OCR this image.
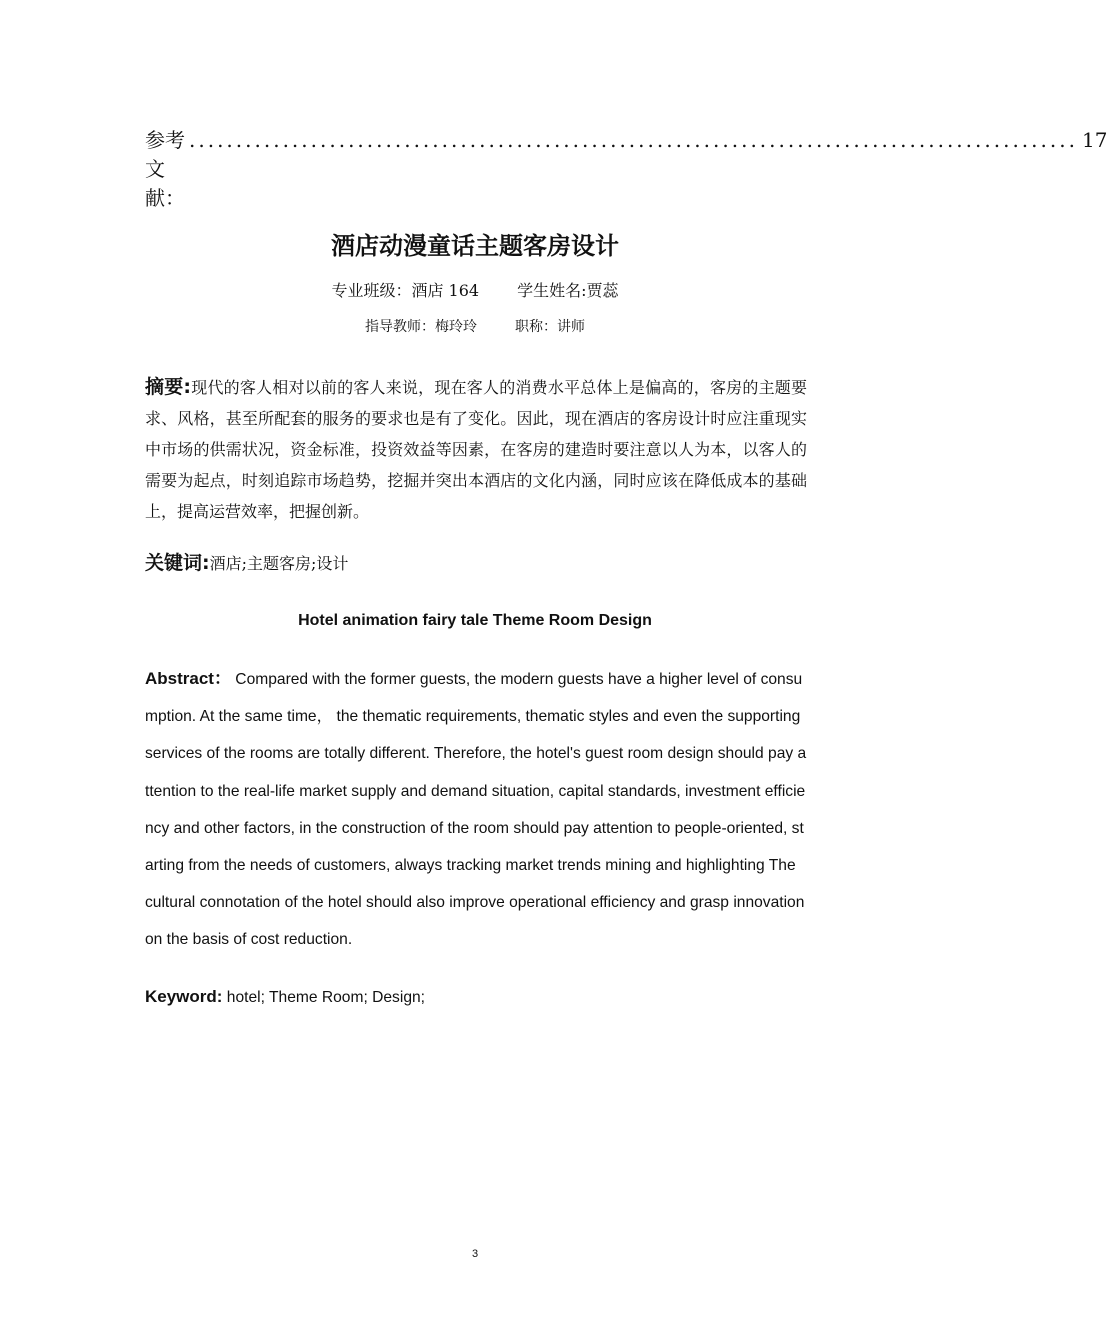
参考文献：
............................................................................................... 17
酒店动漫童话主题客房设计
专业班级：酒店 164 学生姓名:贾蕊
指导教师：梅玲玲	职称：讲师
摘要:现代的客人相对以前的客人来说，现在客人的消费水平总体上是偏高的，客房的主题要求、风格，甚至所配套的服务的要求也是有了变化。因此，现在酒店的客房设计时应注重现实中市场的供需状况，资金标准，投资效益等因素，在客房的建造时要注意以人为本，以客人的需要为起点，时刻追踪市场趋势，挖掘并突出本酒店的文化内涵，同时应该在降低成本的基础上，提高运营效率，把握创新。
关键词:酒店;主题客房;设计
Hotel animation fairy tale Theme Room Design
Abstract： Compared with the former guests, the modern guests have a higher level of consumption. At the same time， the thematic requirements, thematic styles and even the supporting services of the rooms are totally different. Therefore, the hotel's guest room design should pay attention to the real-life market supply and demand situation, capital standards, investment efficiency and other factors, in the construction of the room should pay attention to people-oriented, starting from the needs of customers, always tracking market trends mining and highlighting The cultural connotation of the hotel should also improve operational efficiency and grasp innovation on the basis of cost reduction.
Keyword: hotel; Theme Room; Design;
3
